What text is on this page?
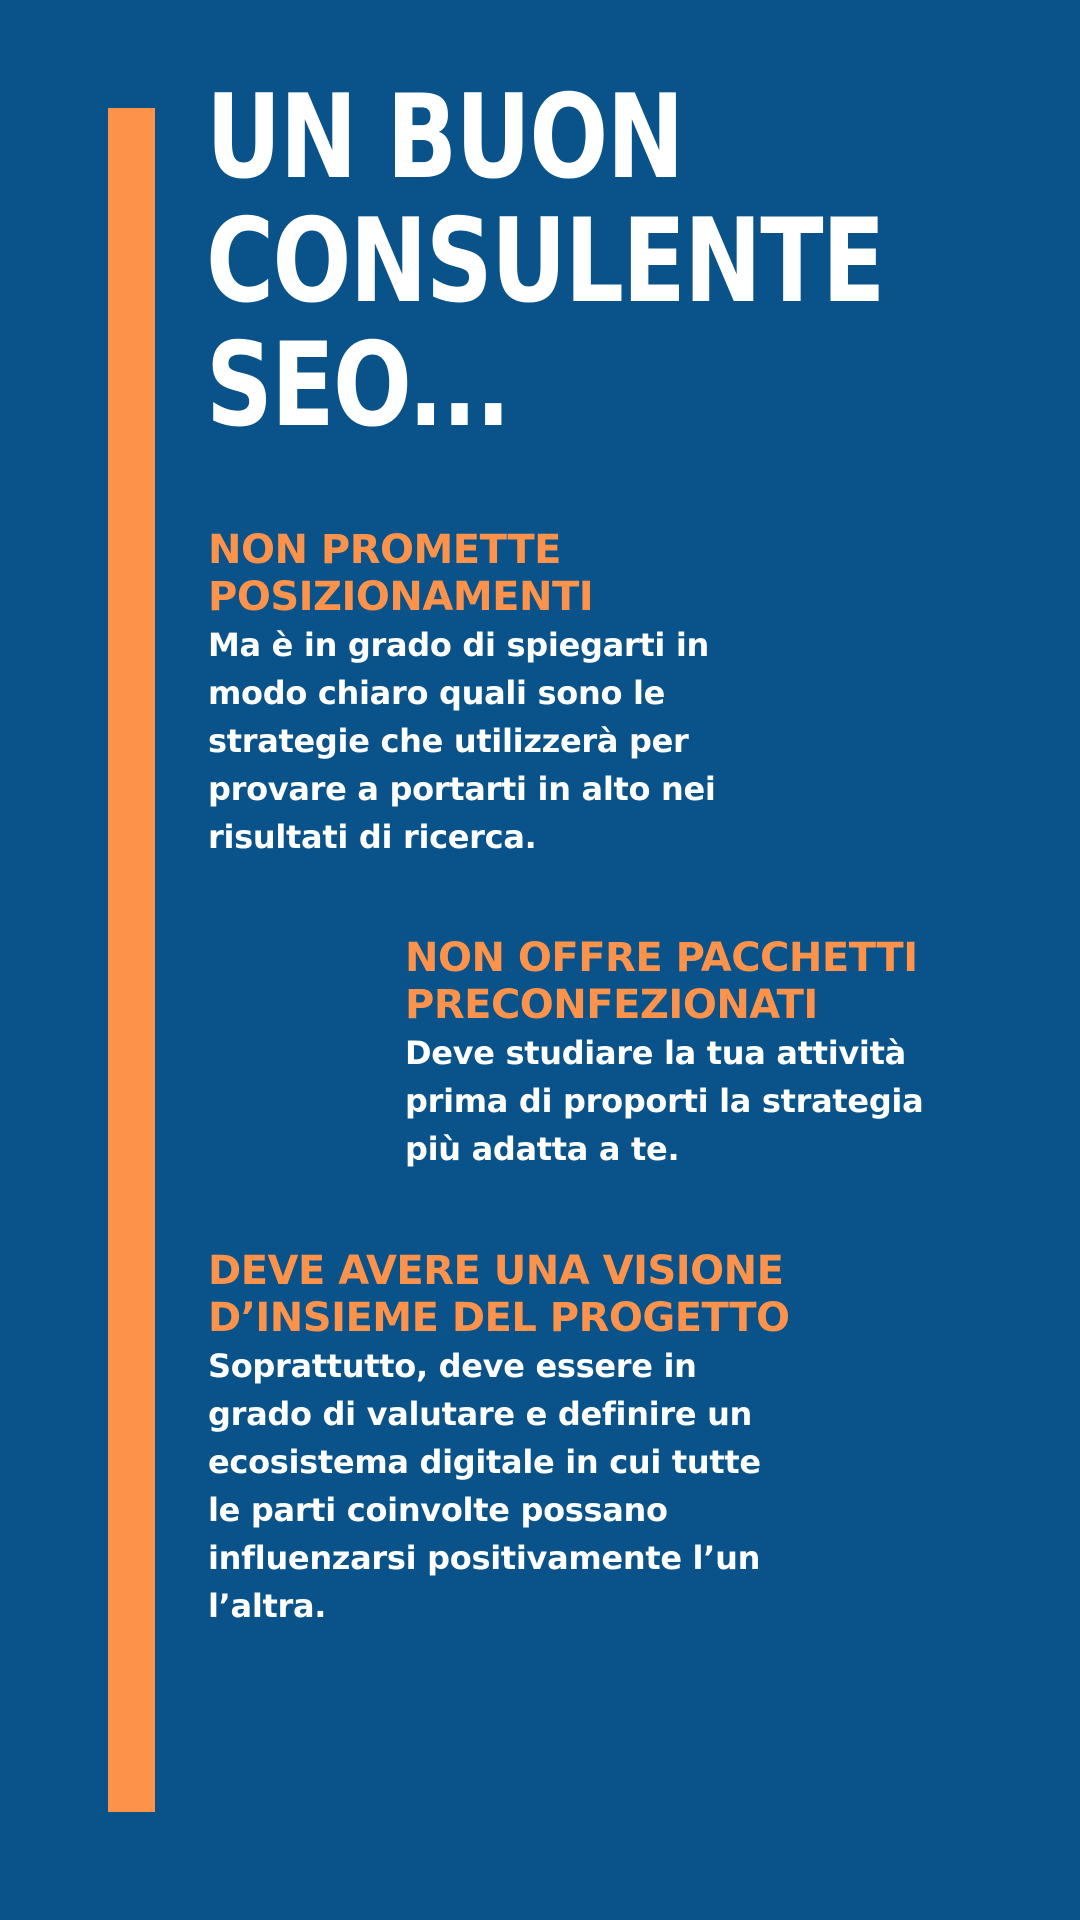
UN BUON
CONSULENTE
SEO...
NON PROMETTE
POSIZIONAMENTI

Ma è in grado di spiegarti in
modo chiaro quali sono le
strategie che utilizzerà per
provare a portarti in alto nei
risultati di ricerca.

NON OFFRE PACCHETTI
PRECONFEZIONATI

Deve studiare la tua attività
prima di proporti la strategia
più adatta a te.

DEVE AVERE UNA VISIONE
D’INSIEME DEL PROGETTO

Soprattutto, deve essere in
grado di valutare e definire un
ecosistema digitale in cui tutte
le parti coinvolte possano
influenzarsi positivamente l’un
l’altra.
